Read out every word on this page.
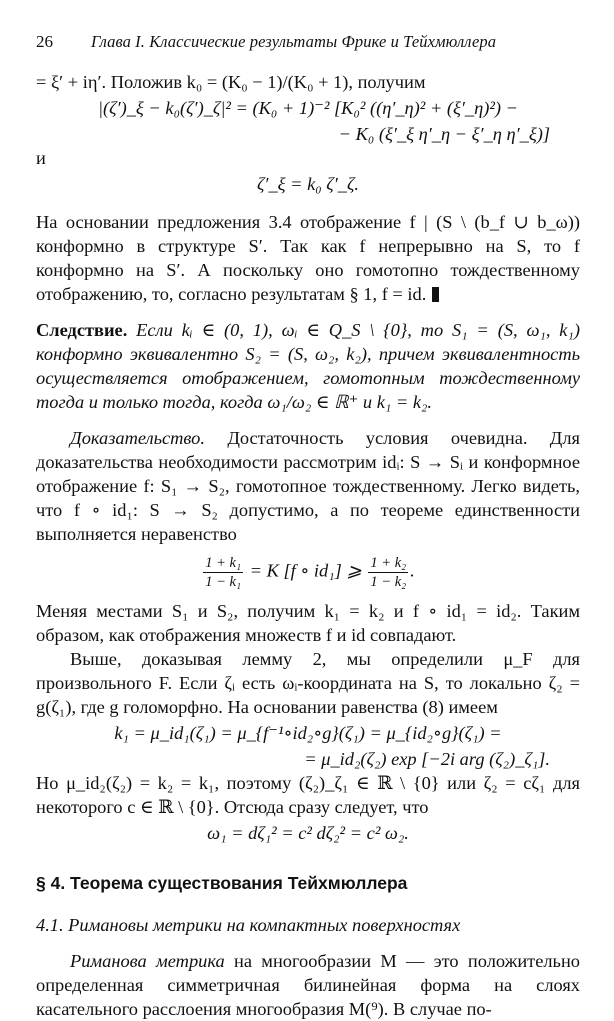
26 Глава I. Классические результаты Фрике и Тейхмюллера

= ξ′ + iη′. Положив k₀ = (K₀ − 1)/(K₀ + 1), получим

|(ζ′)_ξ − k₀(ζ′)_ζ|² = (K₀ + 1)⁻² [K₀² ((η′_η)² + (ξ′_η)²) −
− K₀ (ξ′_ξ η′_η − ξ′_η η′_ξ)]

и

ζ′_ξ = k₀ ζ′_ζ.

На основании предложения 3.4 отображение f | (S \ (b_f ∪ b_ω)) конформно в структуре S′. Так как f непрерывно на S, то f конформно на S′. А поскольку оно гомотопно тождественному отображению, то, согласно результатам § 1, f = id.

Следствие. Если kᵢ ∈ (0, 1), ωᵢ ∈ Q_S \ {0}, то S₁ = (S, ω₁, k₁) конформно эквивалентно S₂ = (S, ω₂, k₂), причем эквивалентность осуществляется отображением, гомотопным тождественному тогда и только тогда, когда ω₁/ω₂ ∈ ℝ⁺ и k₁ = k₂.

Доказательство. Достаточность условия очевидна. Для доказательства необходимости рассмотрим idᵢ: S → Sᵢ и конформное отображение f: S₁ → S₂, гомотопное тождественному. Легко видеть, что f ∘ id₁: S → S₂ допустимо, а по теореме единственности выполняется неравенство

$\frac{\text{1 + k₁}}{\text{1 − k₁}} = K$ [f ∘ id₁] ⩾ $\frac{\text{1 + k₂}}{\text{1 − k₂}}$ .

Меняя местами S₁ и S₂, получим k₁ = k₂ и f ∘ id₁ = id₂. Таким образом, как отображения множеств f и id совпадают.

Выше, доказывая лемму 2, мы определили μ_F для произвольного F. Если ζᵢ есть ωᵢ-координата на S, то локально ζ₂ = g(ζ₁), где g голоморфно. На основании равенства (8) имеем

k₁ = μ_id₁(ζ₁) = μ_{f⁻¹∘id₂∘g}(ζ₁) = μ_{id₂∘g}(ζ₁) =
= μ_id₂(ζ₂) exp [−2i arg (ζ₂)_ζ₁].

Но μ_id₂(ζ₂) = k₂ = k₁, поэтому (ζ₂)_ζ₁ ∈ ℝ \ {0} или ζ₂ = cζ₁ для некоторого c ∈ ℝ \ {0}. Отсюда сразу следует, что

ω₁ = dζ₁² = c² dζ₂² = c² ω₂.
§ 4. Теорема существования Тейхмюллера
4.1. Римановы метрики на компактных поверхностях

Риманова метрика на многообразии M — это положительно определенная симметричная билинейная форма на слоях касательного расслоения многообразия M(⁹). В случае по-
